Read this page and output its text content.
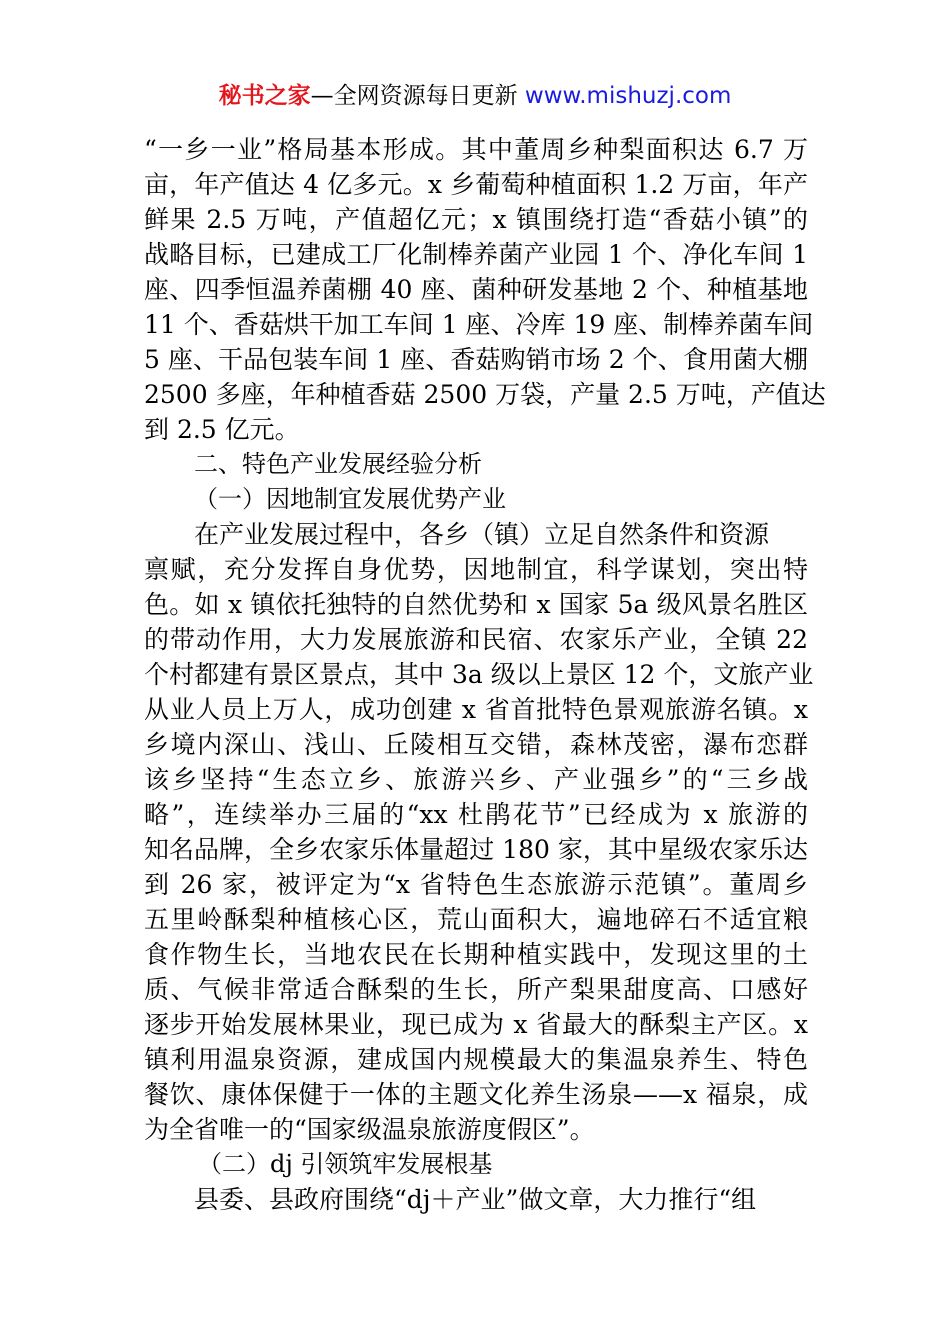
秘书之家—全网资源每日更新 www.mishuzj.com
“一乡一业”格局基本形成。其中董周乡种梨面积达 6.7 万
亩，年产值达 4 亿多元。x 乡葡萄种植面积 1.2 万亩，年产
鲜果 2.5 万吨，产值超亿元；x 镇围绕打造“香菇小镇”的
战略目标，已建成工厂化制棒养菌产业园 1 个、净化车间 1
座、四季恒温养菌棚 40 座、菌种研发基地 2 个、种植基地
11 个、香菇烘干加工车间 1 座、冷库 19 座、制棒养菌车间
5 座、干品包装车间 1 座、香菇购销市场 2 个、食用菌大棚
2500 多座，年种植香菇 2500 万袋，产量 2.5 万吨，产值达
到 2.5 亿元。
二、特色产业发展经验分析
（一）因地制宜发展优势产业
在产业发展过程中，各乡（镇）立足自然条件和资源
禀赋，充分发挥自身优势，因地制宜，科学谋划，突出特
色。如 x 镇依托独特的自然优势和 x 国家 5a 级风景名胜区
的带动作用，大力发展旅游和民宿、农家乐产业，全镇 22
个村都建有景区景点，其中 3a 级以上景区 12 个，文旅产业
从业人员上万人，成功创建 x 省首批特色景观旅游名镇。x
乡境内深山、浅山、丘陵相互交错，森林茂密，瀑布恋群
该乡坚持“生态立乡、旅游兴乡、产业强乡”的“三乡战
略”，连续举办三届的“xx 杜鹃花节”已经成为 x 旅游的
知名品牌，全乡农家乐体量超过 180 家，其中星级农家乐达
到 26 家，被评定为“x 省特色生态旅游示范镇”。董周乡
五里岭酥梨种植核心区，荒山面积大，遍地碎石不适宜粮
食作物生长，当地农民在长期种植实践中，发现这里的土
质、气候非常适合酥梨的生长，所产梨果甜度高、口感好
逐步开始发展林果业，现已成为 x 省最大的酥梨主产区。x
镇利用温泉资源，建成国内规模最大的集温泉养生、特色
餐饮、康体保健于一体的主题文化养生汤泉——x 福泉，成
为全省唯一的“国家级温泉旅游度假区”。
（二）dj 引领筑牢发展根基
县委、县政府围绕“dj＋产业”做文章，大力推行“组
